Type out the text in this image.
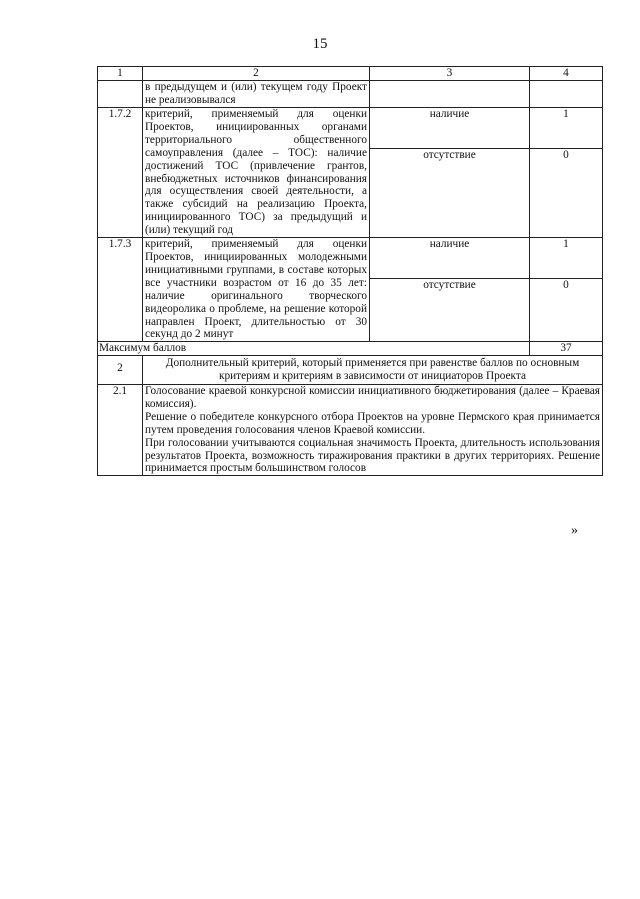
15
1	2	3	4
	в предыдущем и (или) текущем году Проект не реализовывался		
1.7.2	критерий, применяемый для оценки Проектов, инициированных органами территориального общественного самоуправления (далее – ТОС): наличие достижений ТОС (привлечение грантов, внебюджетных источников финансирования для осуществления своей деятельности, а также субсидий на реализацию Проекта, инициированного ТОС) за предыдущий и (или) текущий год	наличие	1
		отсутствие	0
1.7.3	критерий, применяемый для оценки Проектов, инициированных молодежными инициативными группами, в составе которых все участники возрастом от 16 до 35 лет: наличие оригинального творческого видеоролика о проблеме, на решение которой направлен Проект, длительностью от 30 секунд до 2 минут	наличие	1
		отсутствие	0
Максимум баллов			37
2	Дополнительный критерий, который применяется при равенстве баллов по основным критериям и критериям в зависимости от инициаторов Проекта		
2.1	Голосование краевой конкурсной комиссии инициативного бюджетирования (далее – Краевая комиссия).
Решение о победителе конкурсного отбора Проектов на уровне Пермского края принимается путем проведения голосования членов Краевой комиссии.
При голосовании учитываются социальная значимость Проекта, длительность использования результатов Проекта, возможность тиражирования практики в других территориях. Решение принимается простым большинством голосов		
»
